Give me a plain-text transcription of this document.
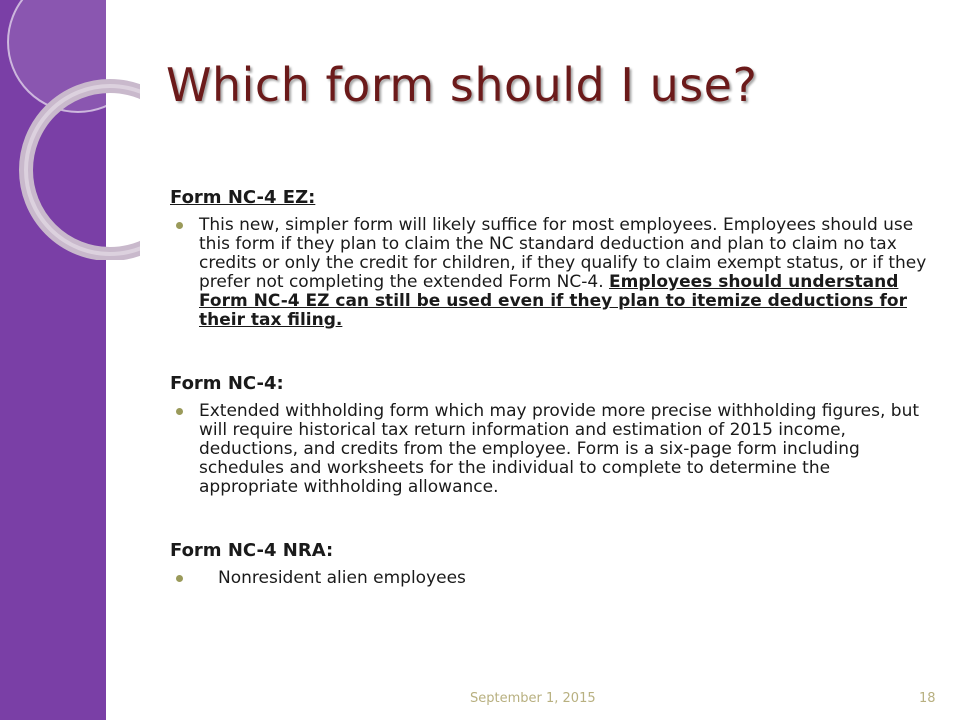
Which form should I use?

Form NC-4 EZ:

This new, simpler form will likely suffice for most employees. Employees should use this form if they plan to claim the NC standard deduction and plan to claim no tax credits or only the credit for children, if they qualify to claim exempt status, or if they prefer not completing the extended Form NC-4. Employees should understand Form NC-4 EZ can still be used even if they plan to itemize deductions for their tax filing.

Form NC-4:

Extended withholding form which may provide more precise withholding figures, but will require historical tax return information and estimation of 2015 income, deductions, and credits from the employee. Form is a six-page form including schedules and worksheets for the individual to complete to determine the appropriate withholding allowance.

Form NC-4 NRA:

Nonresident alien employees
September 1, 2015	18
